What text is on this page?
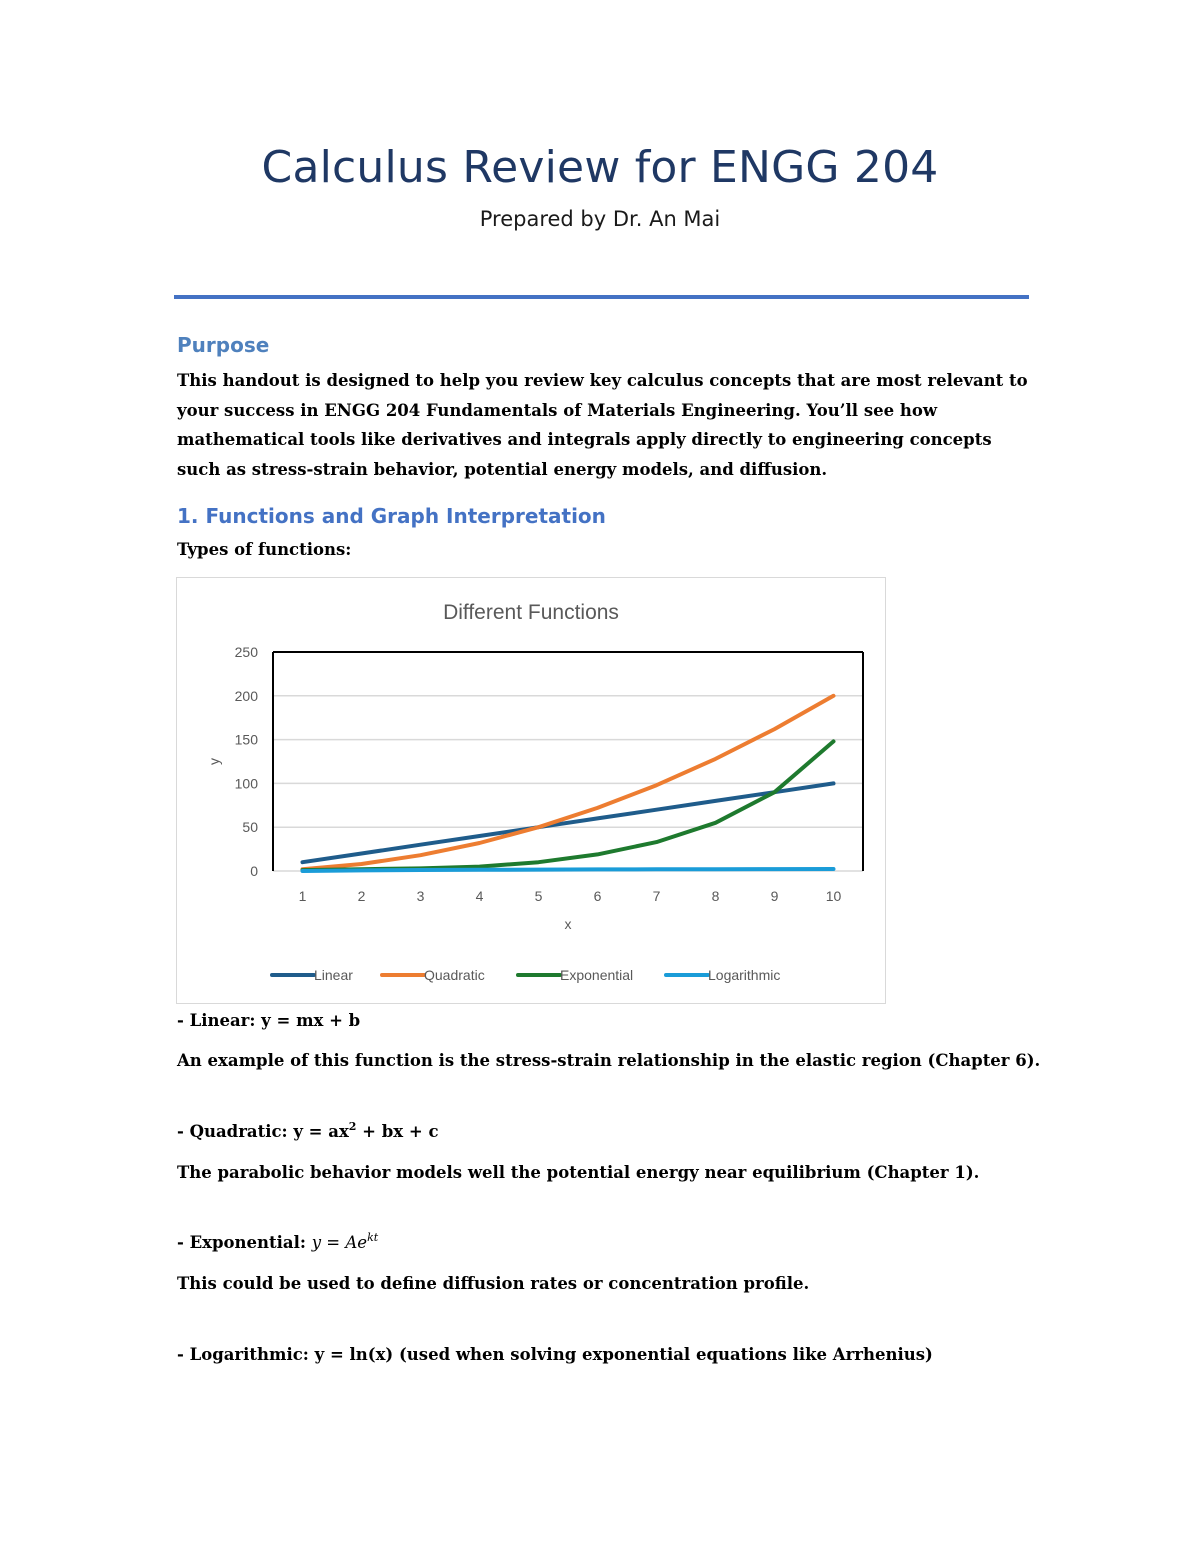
Calculus Review for ENGG 204
Prepared by Dr. An Mai
Purpose
This handout is designed to help you review key calculus concepts that are most relevant to
your success in ENGG 204 Fundamentals of Materials Engineering. You’ll see how
mathematical tools like derivatives and integrals apply directly to engineering concepts
such as stress-strain behavior, potential energy models, and diffusion.
1. Functions and Graph Interpretation
Types of functions:
Different Functions
0
50
100
150
200
250
1	2	3	4	5	6	7	8	9	10
x
y
Linear	Quadratic	Exponential	Logarithmic
- Linear: y = mx + b
An example of this function is the stress-strain relationship in the elastic region (Chapter 6).
- Quadratic: $y = ax^2$ + bx + c
The parabolic behavior models well the potential energy near equilibrium (Chapter 1).
- Exponential: $y = Ae^{kt}$
This could be used to define diffusion rates or concentration profile.
- Logarithmic: y = ln(x) (used when solving exponential equations like Arrhenius)
